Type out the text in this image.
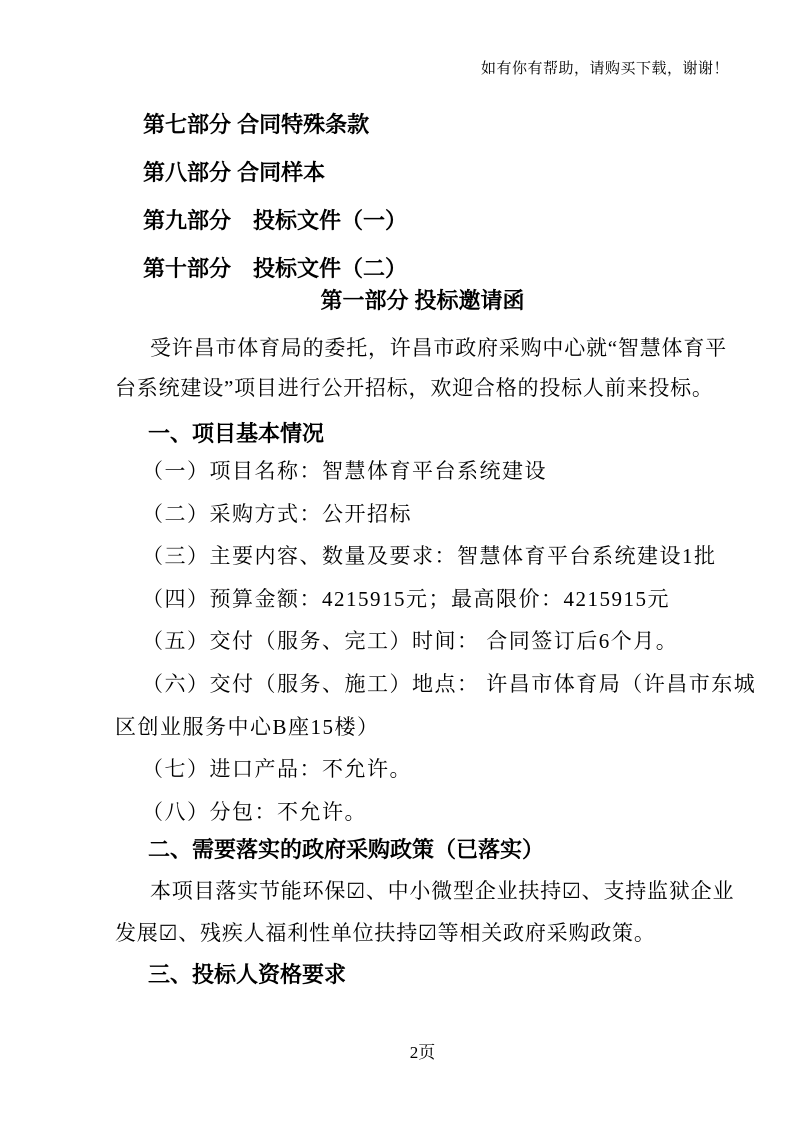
如有你有帮助，请购买下载，谢谢！
第七部分 合同特殊条款
第八部分 合同样本
第九部分　投标文件（一）
第十部分　投标文件（二）
第一部分 投标邀请函
受许昌市体育局的委托，许昌市政府采购中心就“智慧体育平
台系统建设”项目进行公开招标，欢迎合格的投标人前来投标。
一、项目基本情况
（一）项目名称：智慧体育平台系统建设
（二）采购方式：公开招标
（三）主要内容、数量及要求：智慧体育平台系统建设1批
（四）预算金额：4215915元；最高限价：4215915元
（五）交付（服务、完工）时间： 合同签订后6个月。
（六）交付（服务、施工）地点： 许昌市体育局（许昌市东城
区创业服务中心B座15楼）
（七）进口产品：不允许。
（八）分包：不允许。
二、需要落实的政府采购政策（已落实）
本项目落实节能环保☑、中小微型企业扶持☑、支持监狱企业
发展☑、残疾人福利性单位扶持☑等相关政府采购政策。
三、投标人资格要求
2页
